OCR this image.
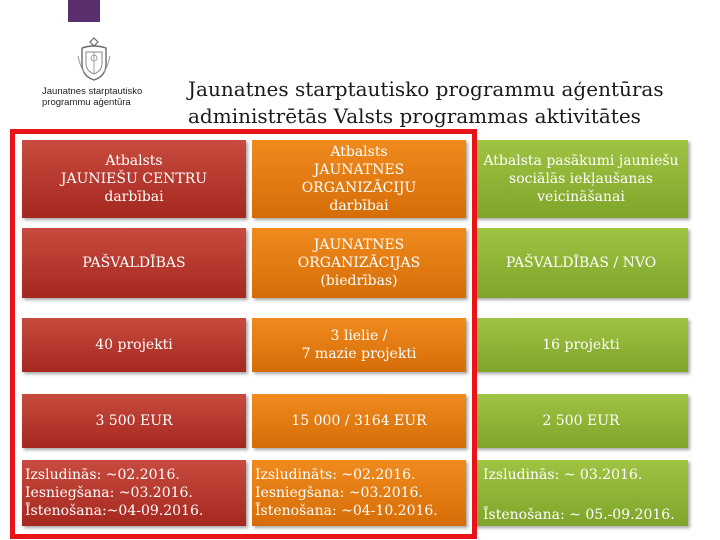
Jaunatnes starptautisko
programmu aģentūra
Jaunatnes starptautisko programmu aģentūras
administrētās Valsts programmas aktivitātes
Atbalsts
JAUNIEŠU CENTRU
darbībai
Atbalsts
JAUNATNES
ORGANIZĀCIJU
darbībai
Atbalsta pasākumi jauniešu
sociālās iekļaušanas
veicināšanai
PAŠVALDĪBAS
JAUNATNES
ORGANIZĀCIJAS
(biedrības)
PAŠVALDĪBAS / NVO
40 projekti
3 lielie /
7 mazie projekti
16 projekti
3 500 EUR	15 000 / 3164 EUR	2 500 EUR
Izsludinās: ~02.2016.
Iesniegšana: ~03.2016.
Īstenošana:~04-09.2016.
Izsludināts: ~02.2016.
Iesniegšana: ~03.2016.
Īstenošana: ~04-10.2016.
Izsludinās: ~ 03.2016.
Īstenošana: ~ 05.-09.2016.
